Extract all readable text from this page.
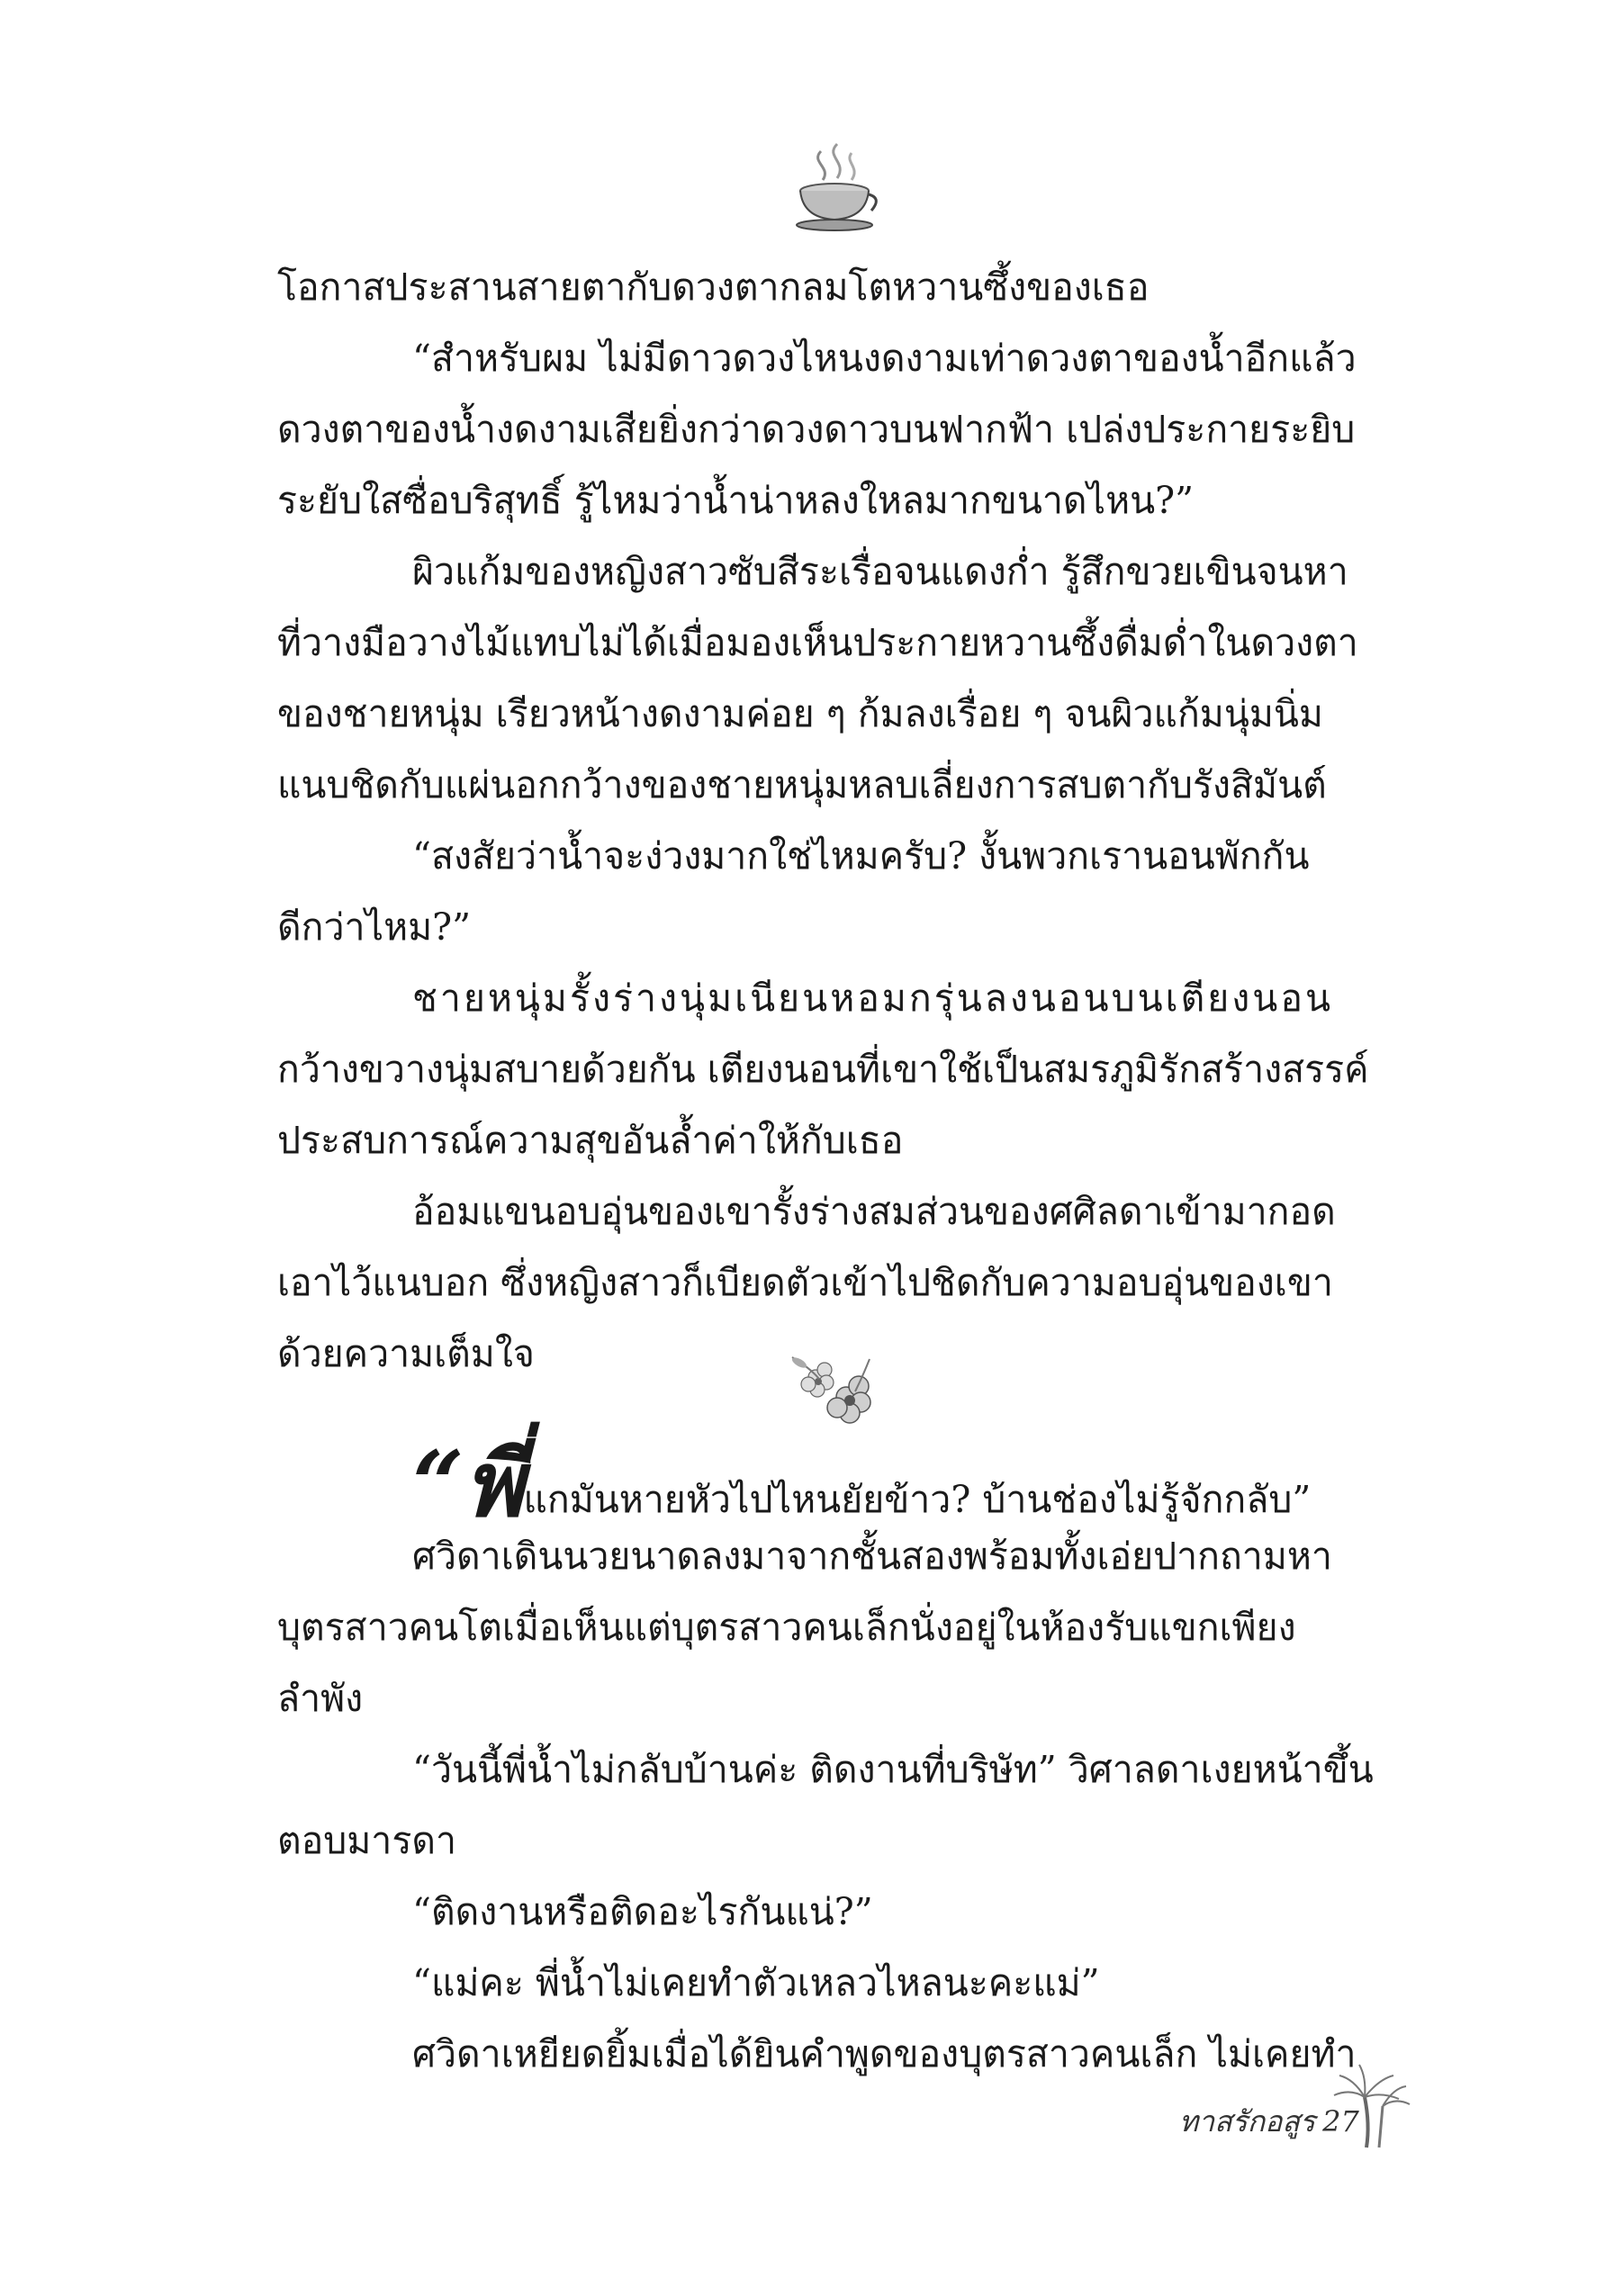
โอกาสประสานสายตากับดวงตากลมโตหวานซึ้งของเธอ
“สำหรับผม ไม่มีดาวดวงไหนงดงามเท่าดวงตาของน้ำอีกแล้ว
ดวงตาของน้ำงดงามเสียยิ่งกว่าดวงดาวบนฟากฟ้า เปล่งประกายระยิบ
ระยับใสซื่อบริสุทธิ์ รู้ไหมว่าน้ำน่าหลงใหลมากขนาดไหน?”
ผิวแก้มของหญิงสาวซับสีระเรื่อจนแดงก่ำ รู้สึกขวยเขินจนหา
ที่วางมือวางไม้แทบไม่ได้เมื่อมองเห็นประกายหวานซึ้งดื่มด่ำในดวงตา
ของชายหนุ่ม เรียวหน้างดงามค่อย ๆ ก้มลงเรื่อย ๆ จนผิวแก้มนุ่มนิ่ม
แนบชิดกับแผ่นอกกว้างของชายหนุ่มหลบเลี่ยงการสบตากับรังสิมันต์
“สงสัยว่าน้ำจะง่วงมากใช่ไหมครับ? งั้นพวกเรานอนพักกัน
ดีกว่าไหม?”
ชายหนุ่มรั้งร่างนุ่มเนียนหอมกรุ่นลงนอนบนเตียงนอน
กว้างขวางนุ่มสบายด้วยกัน เตียงนอนที่เขาใช้เป็นสมรภูมิรักสร้างสรรค์
ประสบการณ์ความสุขอันล้ำค่าให้กับเธอ
อ้อมแขนอบอุ่นของเขารั้งร่างสมส่วนของศศิลดาเข้ามากอด
เอาไว้แนบอก ซึ่งหญิงสาวก็เบียดตัวเข้าไปชิดกับความอบอุ่นของเขา
ด้วยความเต็มใจ
“พี่แกมันหายหัวไปไหนยัยข้าว? บ้านช่องไม่รู้จักกลับ”
ศวิดาเดินนวยนาดลงมาจากชั้นสองพร้อมทั้งเอ่ยปากถามหา
บุตรสาวคนโตเมื่อเห็นแต่บุตรสาวคนเล็กนั่งอยู่ในห้องรับแขกเพียง
ลำพัง
“วันนี้พี่น้ำไม่กลับบ้านค่ะ ติดงานที่บริษัท” วิศาลดาเงยหน้าขึ้น
ตอบมารดา
“ติดงานหรือติดอะไรกันแน่?”
“แม่คะ พี่น้ำไม่เคยทำตัวเหลวไหลนะคะแม่”
ศวิดาเหยียดยิ้มเมื่อได้ยินคำพูดของบุตรสาวคนเล็ก ไม่เคยทำ
ทาสรักอสูร 27
